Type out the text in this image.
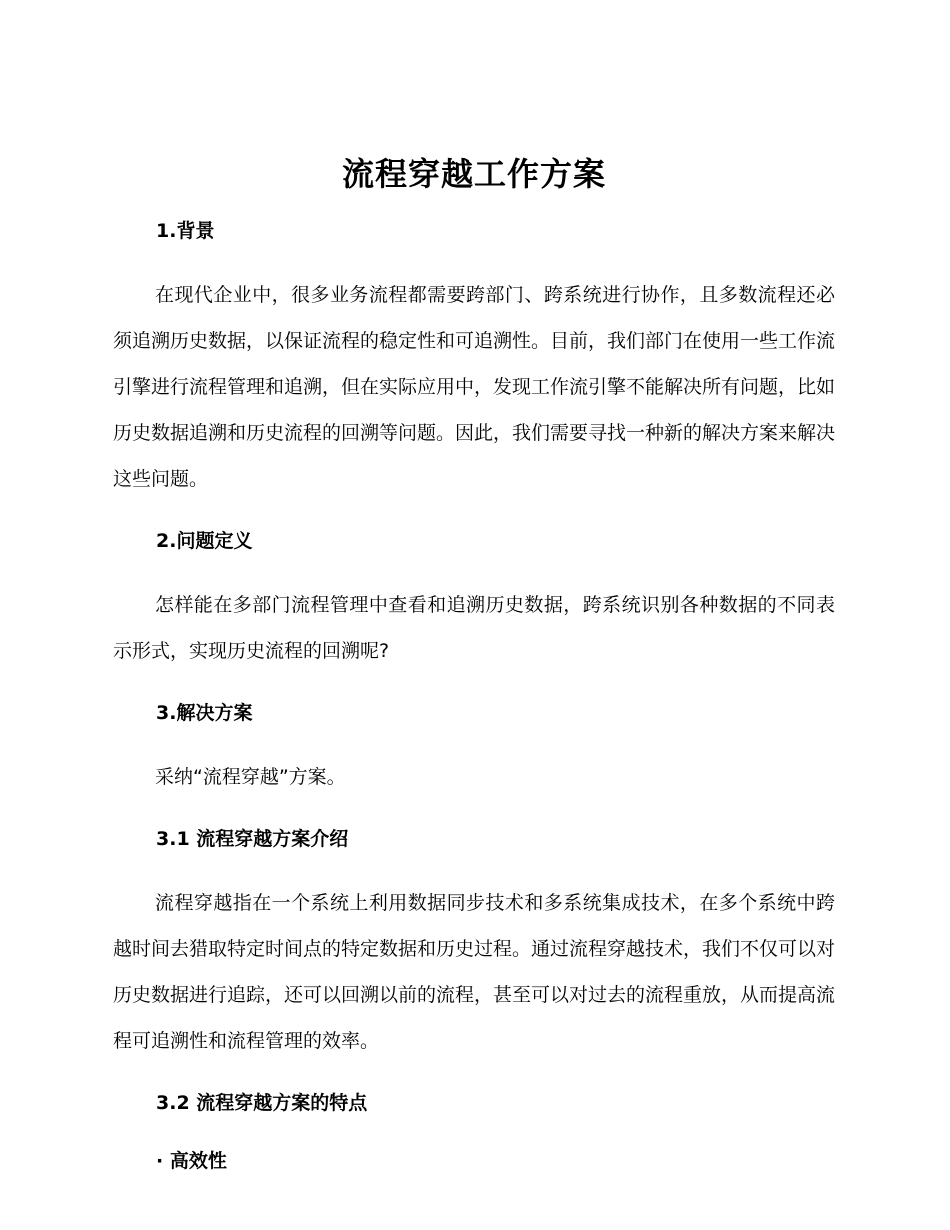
流程穿越工作方案
1.背景

在现代企业中，很多业务流程都需要跨部门、跨系统进行协作，且多数流程还必须追溯历史数据，以保证流程的稳定性和可追溯性。目前，我们部门在使用一些工作流引擎进行流程管理和追溯，但在实际应用中，发现工作流引擎不能解决所有问题，比如历史数据追溯和历史流程的回溯等问题。因此，我们需要寻找一种新的解决方案来解决这些问题。

2.问题定义

怎样能在多部门流程管理中查看和追溯历史数据，跨系统识别各种数据的不同表示形式，实现历史流程的回溯呢?

3.解决方案

采纳“流程穿越”方案。

3.1 流程穿越方案介绍

流程穿越指在一个系统上利用数据同步技术和多系统集成技术，在多个系统中跨越时间去猎取特定时间点的特定数据和历史过程。通过流程穿越技术，我们不仅可以对历史数据进行追踪，还可以回溯以前的流程，甚至可以对过去的流程重放，从而提高流程可追溯性和流程管理的效率。

3.2 流程穿越方案的特点
· 高效性
